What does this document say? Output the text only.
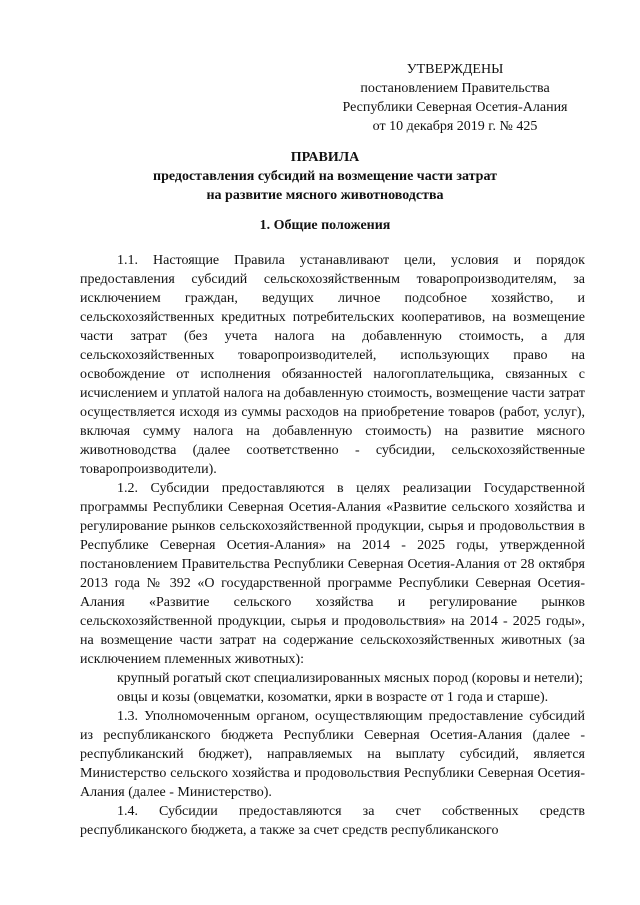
УТВЕРЖДЕНЫ
постановлением Правительства
Республики Северная Осетия-Алания
от 10 декабря 2019 г. № 425
ПРАВИЛА
предоставления субсидий на возмещение части затрат
на развитие мясного животноводства
1. Общие положения

1.1. Настоящие Правила устанавливают цели, условия и порядок предоставления субсидий сельскохозяйственным товаропроизводителям, за исключением граждан, ведущих личное подсобное хозяйство, и сельскохозяйственных кредитных потребительских кооперативов, на возмещение части затрат (без учета налога на добавленную стоимость, а для сельскохозяйственных товаропроизводителей, использующих право на освобождение от исполнения обязанностей налогоплательщика, связанных с исчислением и уплатой налога на добавленную стоимость, возмещение части затрат осуществляется исходя из суммы расходов на приобретение товаров (работ, услуг), включая сумму налога на добавленную стоимость) на развитие мясного животноводства (далее соответственно - субсидии, сельскохозяйственные товаропроизводители).

1.2. Субсидии предоставляются в целях реализации Государственной программы Республики Северная Осетия-Алания «Развитие сельского хозяйства и регулирование рынков сельскохозяйственной продукции, сырья и продовольствия в Республике Северная Осетия-Алания» на 2014 - 2025 годы, утвержденной постановлением Правительства Республики Северная Осетия-Алания от 28 октября 2013 года № 392 «О государственной программе Республики Северная Осетия-Алания «Развитие сельского хозяйства и регулирование рынков сельскохозяйственной продукции, сырья и продовольствия» на 2014 - 2025 годы», на возмещение части затрат на содержание сельскохозяйственных животных (за исключением племенных животных):

крупный рогатый скот специализированных мясных пород (коровы и нетели);

овцы и козы (овцематки, козоматки, ярки в возрасте от 1 года и старше).

1.3. Уполномоченным органом, осуществляющим предоставление субсидий из республиканского бюджета Республики Северная Осетия-Алания (далее - республиканский бюджет), направляемых на выплату субсидий, является Министерство сельского хозяйства и продовольствия Республики Северная Осетия-Алания (далее - Министерство).

1.4. Субсидии предоставляются за счет собственных средств республиканского бюджета, а также за счет средств республиканского
